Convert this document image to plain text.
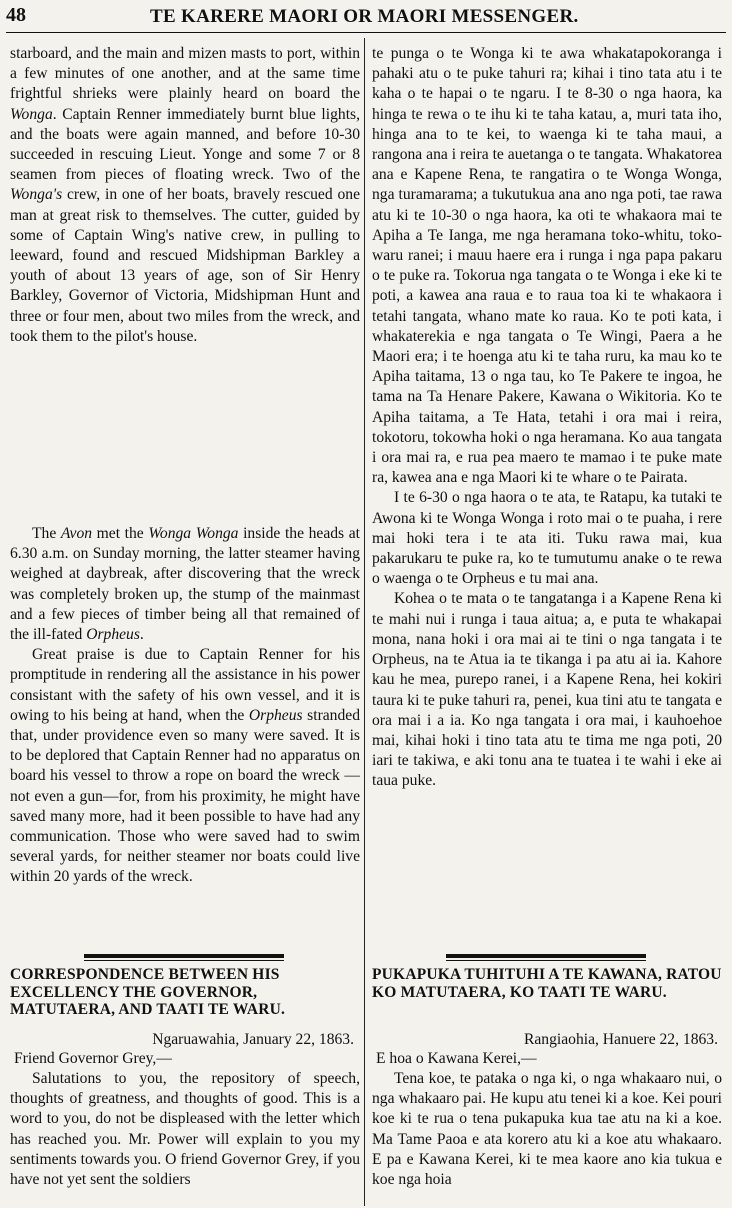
48	TE KARERE MAORI OR MAORI MESSENGER.

starboard, and the main and mizen masts to port, within a few minutes of one another, and at the same time frightful shrieks were plainly heard on board the Wonga. Captain Renner immediately burnt blue lights, and the boats were again manned, and before 10-30 succeeded in rescuing Lieut. Yonge and some 7 or 8 seamen from pieces of floating wreck. Two of the Wonga's crew, in one of her boats, bravely rescued one man at great risk to themselves. The cutter, guided by some of Captain Wing's native crew, in pulling to leeward, found and rescued Midshipman Barkley a youth of about 13 years of age, son of Sir Henry Barkley, Governor of Victoria, Midshipman Hunt and three or four men, about two miles from the wreck, and took them to the pilot's house.

The Avon met the Wonga Wonga inside the heads at 6.30 a.m. on Sunday morning, the latter steamer having weighed at daybreak, after discovering that the wreck was completely broken up, the stump of the mainmast and a few pieces of timber being all that remained of the ill-fated Orpheus.

Great praise is due to Captain Renner for his promptitude in rendering all the assistance in his power consistant with the safety of his own vessel, and it is owing to his being at hand, when the Orpheus stranded that, under providence even so many were saved. It is to be deplored that Captain Renner had no apparatus on board his vessel to throw a rope on board the wreck —not even a gun—for, from his proximity, he might have saved many more, had it been possible to have had any communication. Those who were saved had to swim several yards, for neither steamer nor boats could live within 20 yards of the wreck.

CORRESPONDENCE BETWEEN HIS EXCELLENCY THE GOVERNOR, MATUTAERA, AND TAATI TE WARU.
Ngaruawahia, January 22, 1863.
Friend Governor Grey,—
Salutations to you, the repository of speech, thoughts of greatness, and thoughts of good. This is a word to you, do not be displeased with the letter which has reached you. Mr. Power will explain to you my sentiments towards you. O friend Governor Grey, if you have not yet sent the soldiers

te punga o te Wonga ki te awa whakatapokoranga i pahaki atu o te puke tahuri ra; kihai i tino tata atu i te kaha o te hapai o te ngaru. I te 8-30 o nga haora, ka hinga te rewa o te ihu ki te taha katau, a, muri tata iho, hinga ana to te kei, to waenga ki te taha maui, a rangona ana i reira te auetanga o te tangata. Whakatorea ana e Kapene Rena, te rangatira o te Wonga Wonga, nga turamarama; a tukutukua ana ano nga poti, tae rawa atu ki te 10-30 o nga haora, ka oti te whakaora mai te Apiha a Te Ianga, me nga heramana toko-whitu, toko-waru ranei; i mauu haere era i runga i nga papa pakaru o te puke ra. Tokorua nga tangata o te Wonga i eke ki te poti, a kawea ana raua e to raua toa ki te whakaora i tetahi tangata, whano mate ko raua. Ko te poti kata, i whakaterekia e nga tangata o Te Wingi, Paera a he Maori era; i te hoenga atu ki te taha ruru, ka mau ko te Apiha taitama, 13 o nga tau, ko Te Pakere te ingoa, he tama na Ta Henare Pakere, Kawana o Wikitoria. Ko te Apiha taitama, a Te Hata, tetahi i ora mai i reira, tokotoru, tokowha hoki o nga heramana. Ko aua tangata i ora mai ra, e rua pea maero te mamao i te puke mate ra, kawea ana e nga Maori ki te whare o te Pairata.

I te 6-30 o nga haora o te ata, te Ratapu, ka tutaki te Awona ki te Wonga Wonga i roto mai o te puaha, i rere mai hoki tera i te ata iti. Tuku rawa mai, kua pakarukaru te puke ra, ko te tumutumu anake o te rewa o waenga o te Orpheus e tu mai ana.

Kohea o te mata o te tangatanga i a Kapene Rena ki te mahi nui i runga i taua aitua; a, e puta te whakapai mona, nana hoki i ora mai ai te tini o nga tangata i te Orpheus, na te Atua ia te tikanga i pa atu ai ia. Kahore kau he mea, purepo ranei, i a Kapene Rena, hei kokiri taura ki te puke tahuri ra, penei, kua tini atu te tangata e ora mai i a ia. Ko nga tangata i ora mai, i kauhoehoe mai, kihai hoki i tino tata atu te tima me nga poti, 20 iari te takiwa, e aki tonu ana te tuatea i te wahi i eke ai taua puke.

PUKAPUKA TUHITUHI A TE KAWANA, RATOU KO MATUTAERA, KO TAATI TE WARU.
Rangiaohia, Hanuere 22, 1863.
E hoa o Kawana Kerei,—
Tena koe, te pataka o nga ki, o nga whakaaro nui, o nga whakaaro pai. He kupu atu tenei ki a koe. Kei pouri koe ki te rua o tena pukapuka kua tae atu na ki a koe. Ma Tame Paoa e ata korero atu ki a koe atu whakaaro. E pa e Kawana Kerei, ki te mea kaore ano kia tukua e koe nga hoia
